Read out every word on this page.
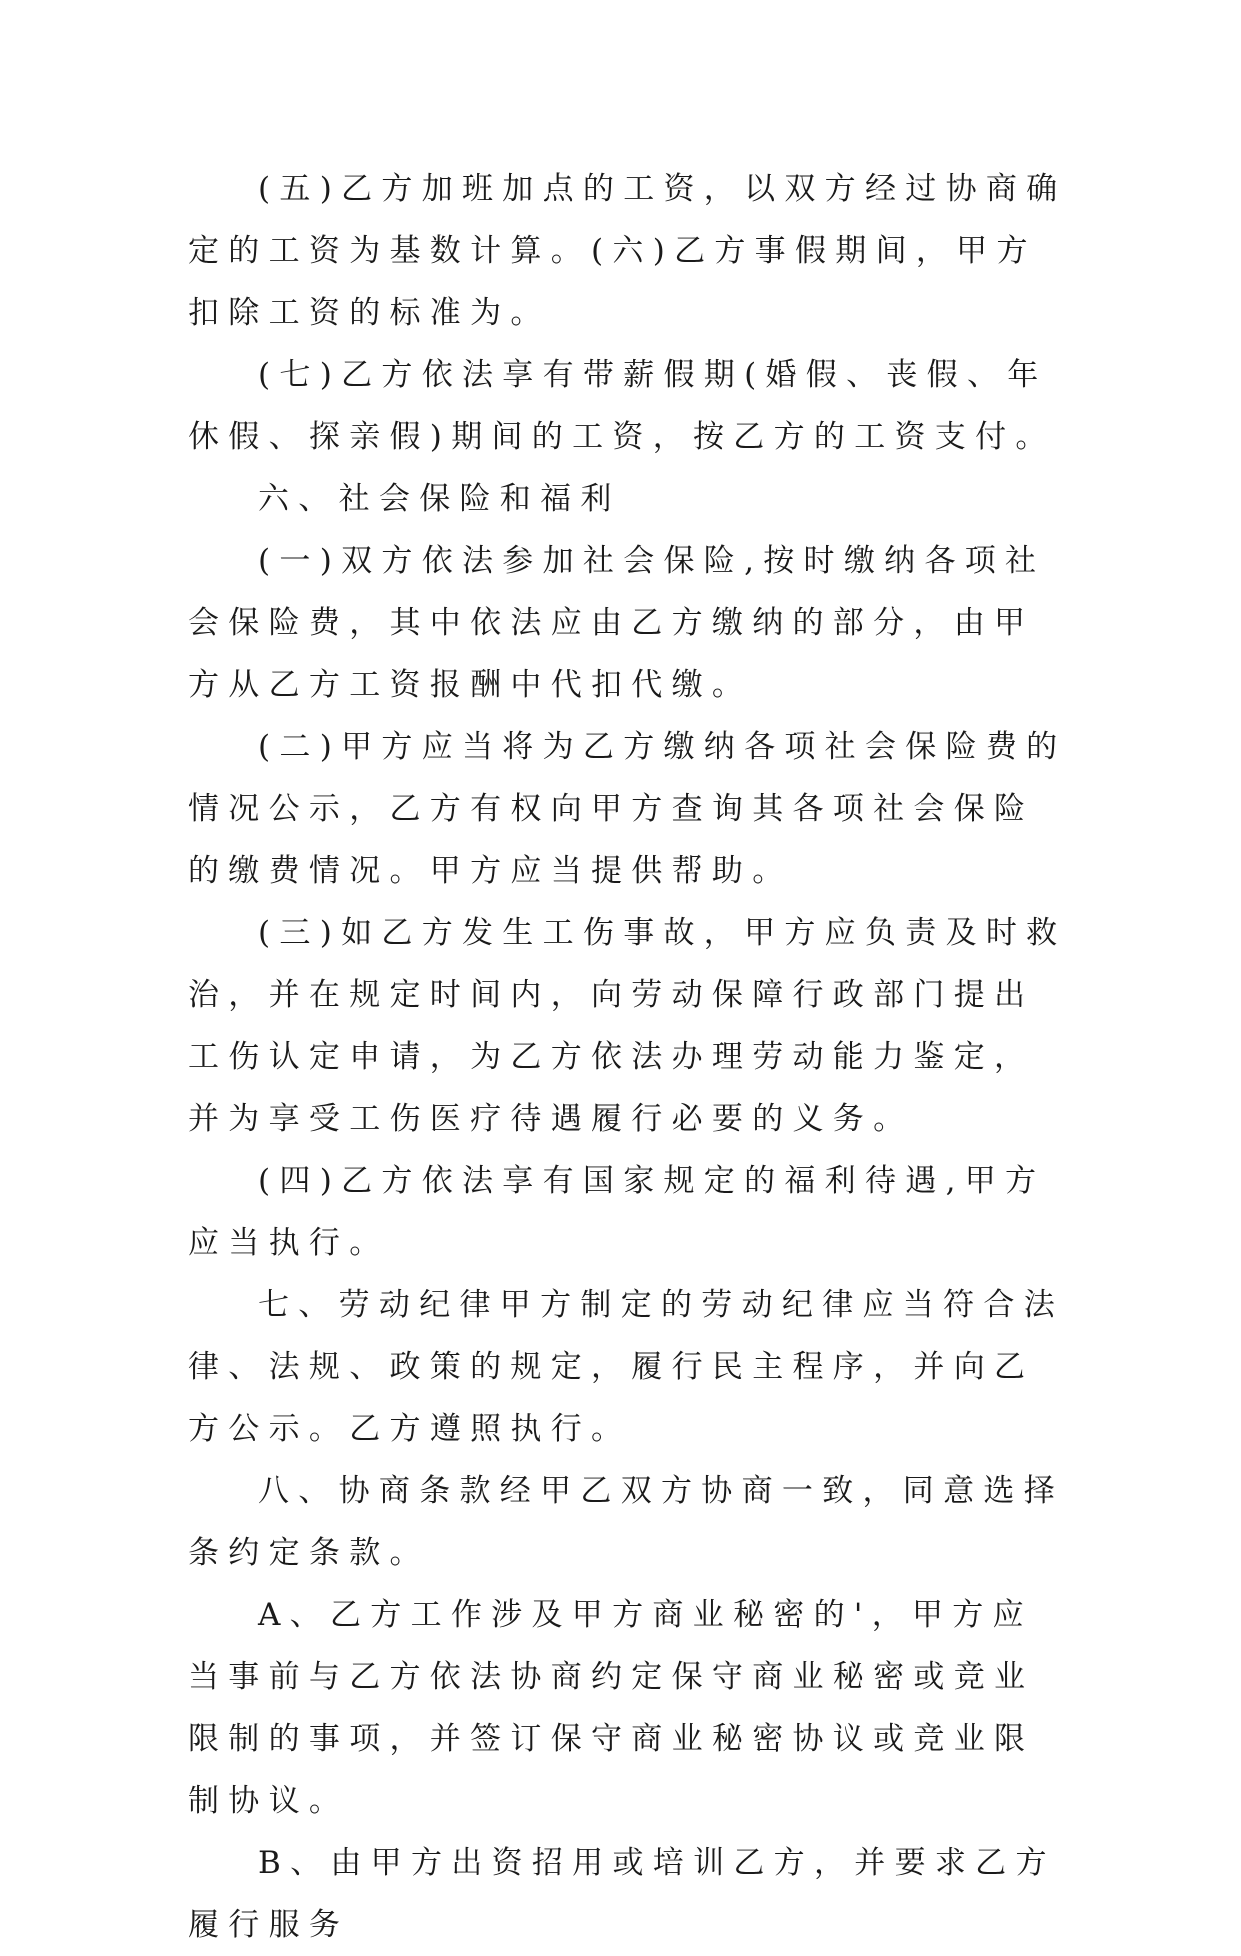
(五)乙方加班加点的工资，以双方经过协商确定的工资为基数计算。(六)乙方事假期间，甲方扣除工资的标准为。

(七)乙方依法享有带薪假期(婚假、丧假、年休假、探亲假)期间的工资，按乙方的工资支付。

六、社会保险和福利

(一)双方依法参加社会保险,按时缴纳各项社会保险费，其中依法应由乙方缴纳的部分，由甲方从乙方工资报酬中代扣代缴。

(二)甲方应当将为乙方缴纳各项社会保险费的情况公示，乙方有权向甲方查询其各项社会保险的缴费情况。甲方应当提供帮助。

(三)如乙方发生工伤事故，甲方应负责及时救治，并在规定时间内，向劳动保障行政部门提出工伤认定申请，为乙方依法办理劳动能力鉴定，并为享受工伤医疗待遇履行必要的义务。

(四)乙方依法享有国家规定的福利待遇,甲方应当执行。

七、劳动纪律甲方制定的劳动纪律应当符合法律、法规、政策的规定，履行民主程序，并向乙方公示。乙方遵照执行。

八、协商条款经甲乙双方协商一致，同意选择条约定条款。

A、乙方工作涉及甲方商业秘密的'，甲方应当事前与乙方依法协商约定保守商业秘密或竞业限制的事项，并签订保守商业秘密协议或竞业限制协议。

B、由甲方出资招用或培训乙方，并要求乙方履行服务
